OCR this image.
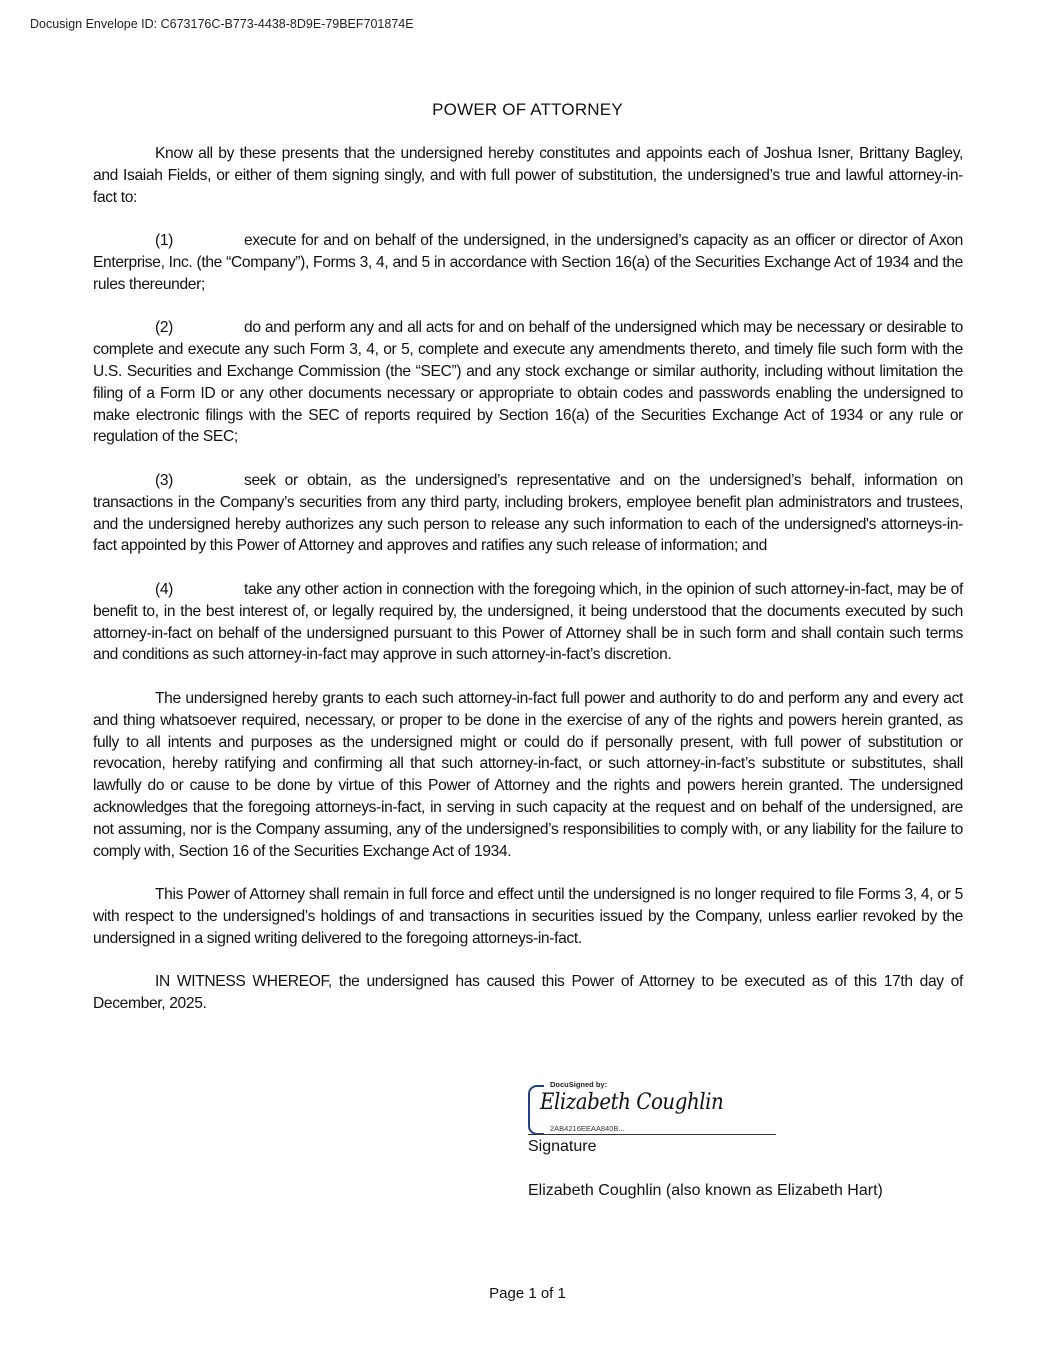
Docusign Envelope ID: C673176C-B773-4438-8D9E-79BEF701874E
POWER OF ATTORNEY

Know all by these presents that the undersigned hereby constitutes and appoints each of Joshua Isner, Brittany Bagley, and Isaiah Fields, or either of them signing singly, and with full power of substitution, the undersigned’s true and lawful attorney-in-fact to:

(1)	execute for and on behalf of the undersigned, in the undersigned’s capacity as an officer or director of Axon Enterprise, Inc. (the “Company”), Forms 3, 4, and 5 in accordance with Section 16(a) of the Securities Exchange Act of 1934 and the rules thereunder;

(2)	do and perform any and all acts for and on behalf of the undersigned which may be necessary or desirable to complete and execute any such Form 3, 4, or 5, complete and execute any amendments thereto, and timely file such form with the U.S. Securities and Exchange Commission (the “SEC”) and any stock exchange or similar authority, including without limitation the filing of a Form ID or any other documents necessary or appropriate to obtain codes and passwords enabling the undersigned to make electronic filings with the SEC of reports required by Section 16(a) of the Securities Exchange Act of 1934 or any rule or regulation of the SEC;

(3)	seek or obtain, as the undersigned’s representative and on the undersigned’s behalf, information on transactions in the Company’s securities from any third party, including brokers, employee benefit plan administrators and trustees, and the undersigned hereby authorizes any such person to release any such information to each of the undersigned's attorneys-in-fact appointed by this Power of Attorney and approves and ratifies any such release of information; and

(4)	take any other action in connection with the foregoing which, in the opinion of such attorney-in-fact, may be of benefit to, in the best interest of, or legally required by, the undersigned, it being understood that the documents executed by such attorney-in-fact on behalf of the undersigned pursuant to this Power of Attorney shall be in such form and shall contain such terms and conditions as such attorney-in-fact may approve in such attorney-in-fact’s discretion.

The undersigned hereby grants to each such attorney-in-fact full power and authority to do and perform any and every act and thing whatsoever required, necessary, or proper to be done in the exercise of any of the rights and powers herein granted, as fully to all intents and purposes as the undersigned might or could do if personally present, with full power of substitution or revocation, hereby ratifying and confirming all that such attorney-in-fact, or such attorney-in-fact’s substitute or substitutes, shall lawfully do or cause to be done by virtue of this Power of Attorney and the rights and powers herein granted. The undersigned acknowledges that the foregoing attorneys-in-fact, in serving in such capacity at the request and on behalf of the undersigned, are not assuming, nor is the Company assuming, any of the undersigned’s responsibilities to comply with, or any liability for the failure to comply with, Section 16 of the Securities Exchange Act of 1934.

This Power of Attorney shall remain in full force and effect until the undersigned is no longer required to file Forms 3, 4, or 5 with respect to the undersigned’s holdings of and transactions in securities issued by the Company, unless earlier revoked by the undersigned in a signed writing delivered to the foregoing attorneys-in-fact.

IN WITNESS WHEREOF, the undersigned has caused this Power of Attorney to be executed as of this 17th day of December, 2025.

DocuSigned by:
Elizabeth Coughlin
2AB4216EEAA840B...
Signature
Elizabeth Coughlin (also known as Elizabeth Hart)
Page 1 of 1
